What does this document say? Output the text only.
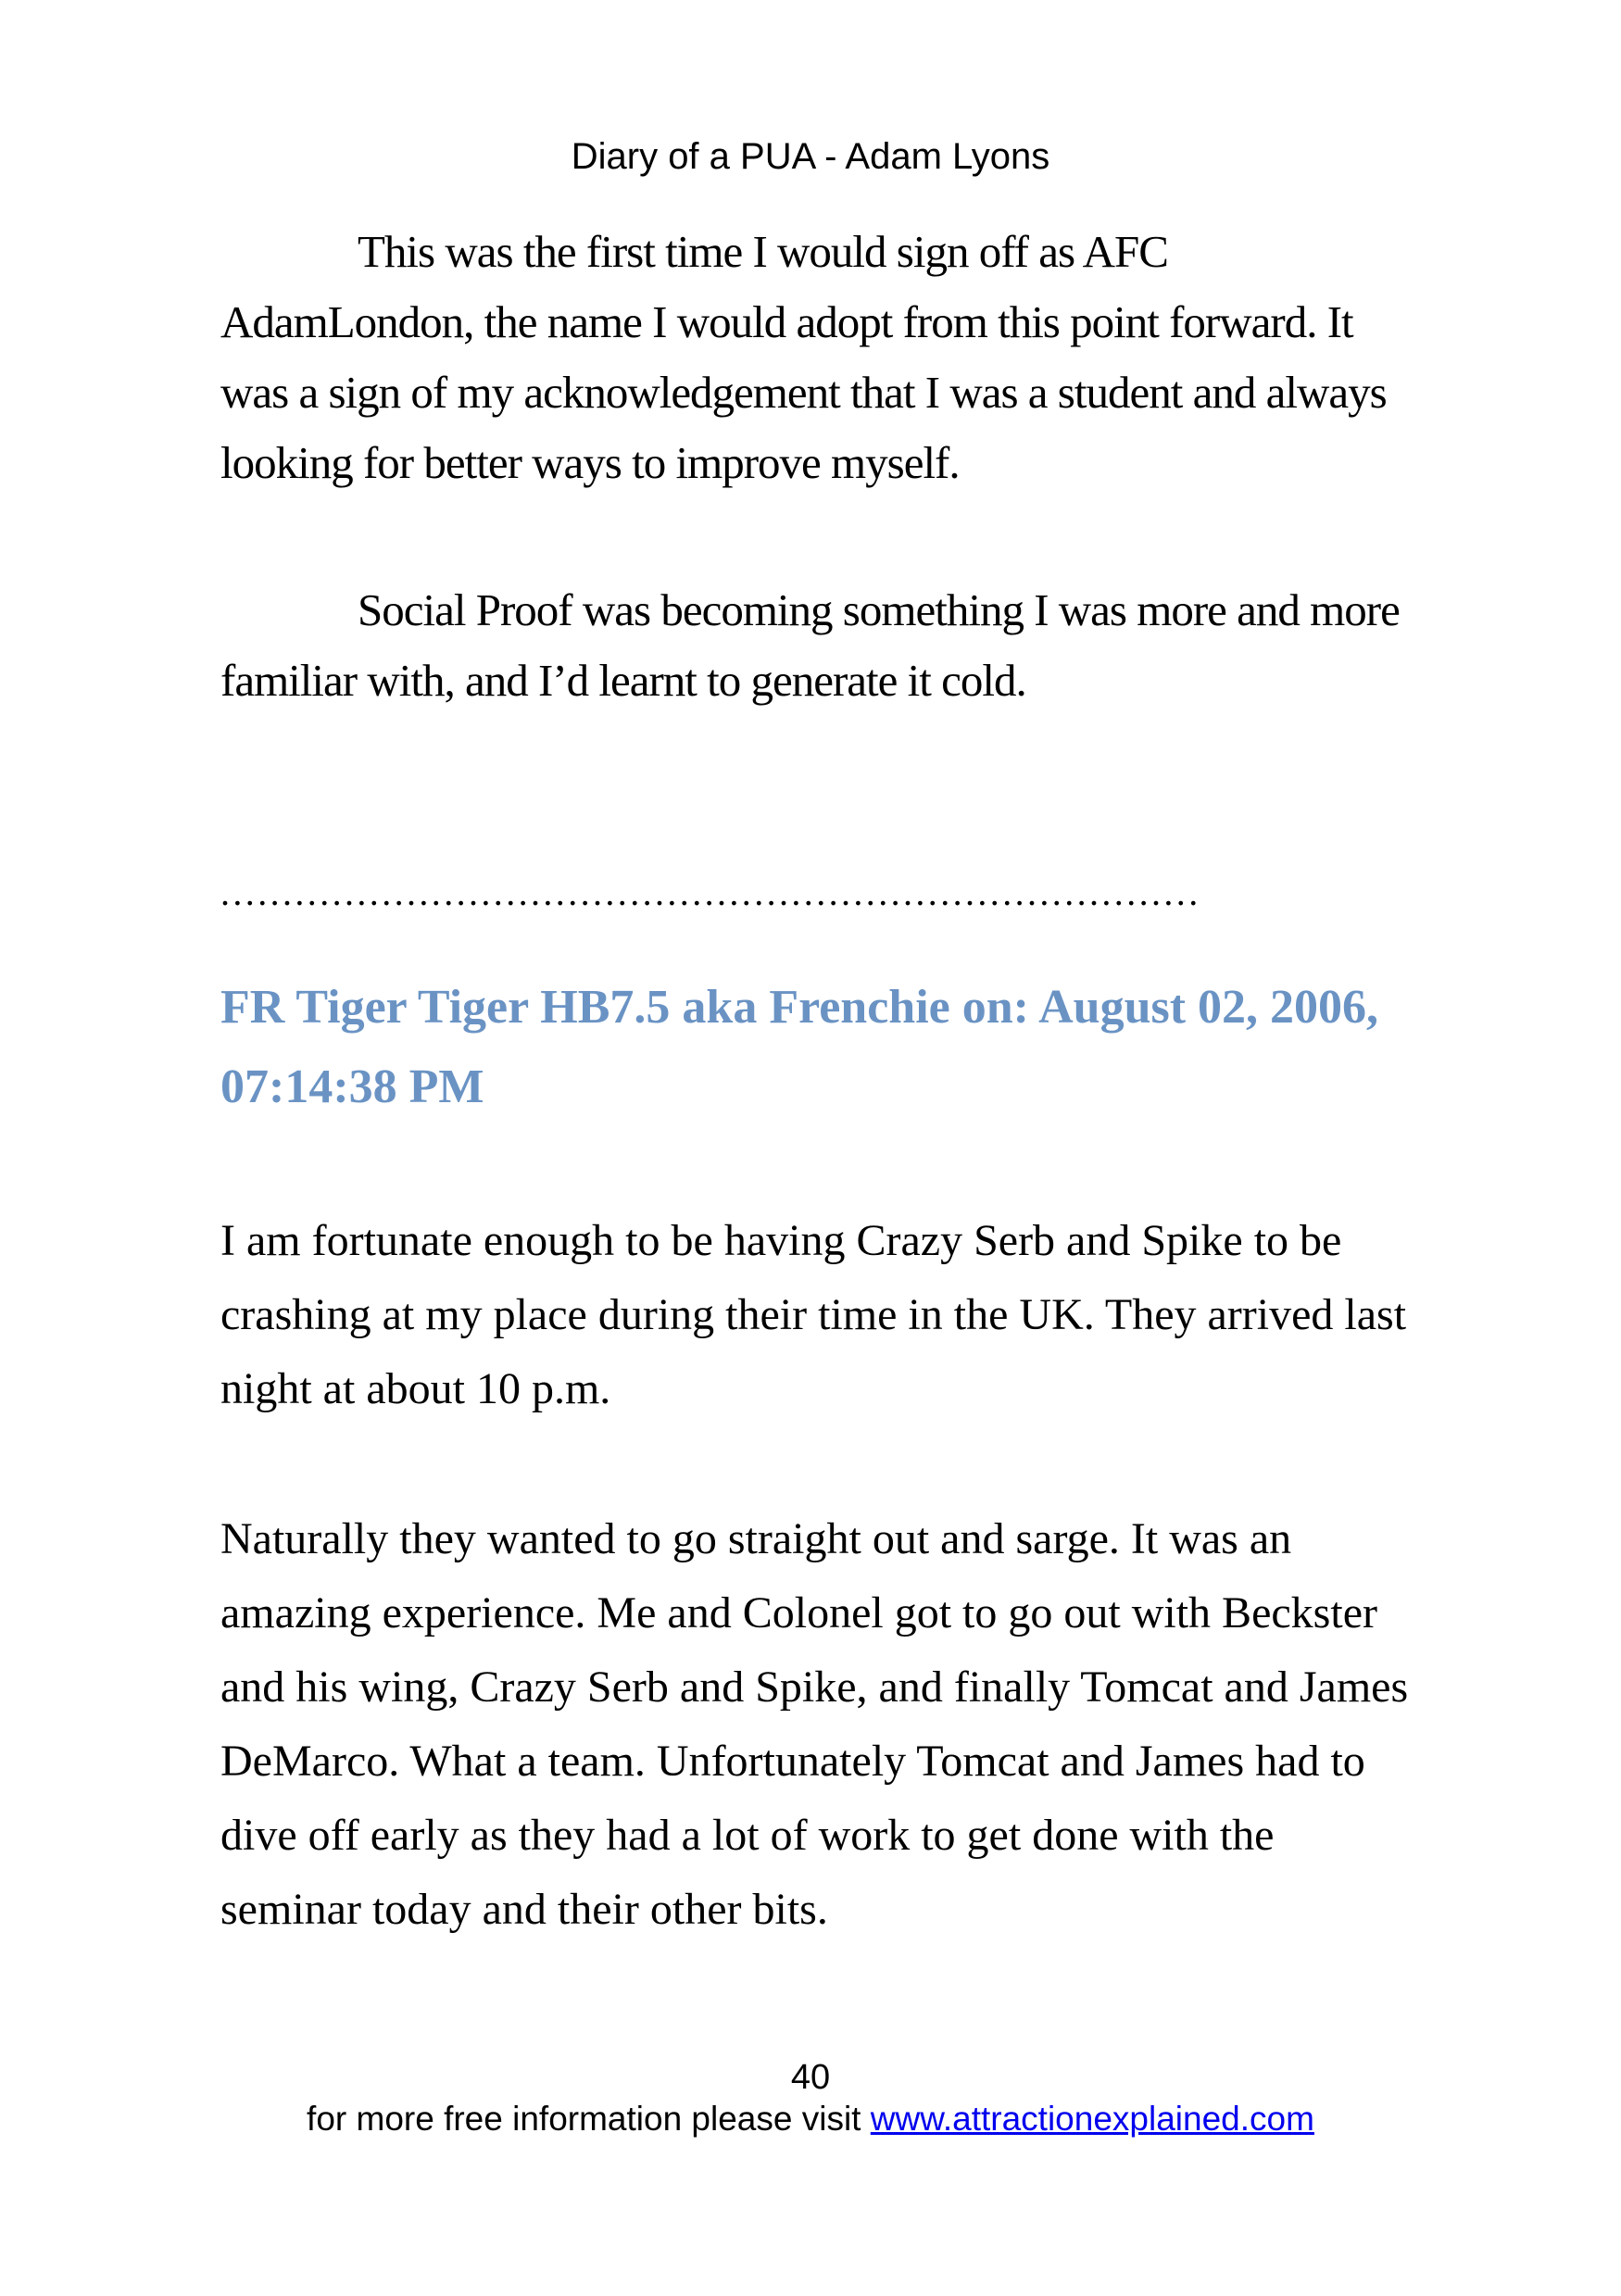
Diary of a PUA - Adam Lyons

This was the first time I would sign off as AFC AdamLondon, the name I would adopt from this point forward. It was a sign of my acknowledgement that I was a student and always looking for better ways to improve myself.

Social Proof was becoming something I was more and more familiar with, and I’d learnt to generate it cold.

...............................................................................
FR Tiger Tiger HB7.5 aka Frenchie on: August 02, 2006, 07:14:38 PM

I am fortunate enough to be having Crazy Serb and Spike to be crashing at my place during their time in the UK. They arrived last night at about 10 p.m.

Naturally they wanted to go straight out and sarge. It was an amazing experience. Me and Colonel got to go out with Beckster and his wing, Crazy Serb and Spike, and finally Tomcat and James DeMarco. What a team. Unfortunately Tomcat and James had to dive off early as they had a lot of work to get done with the seminar today and their other bits.

40
for more free information please visit www.attractionexplained.com
